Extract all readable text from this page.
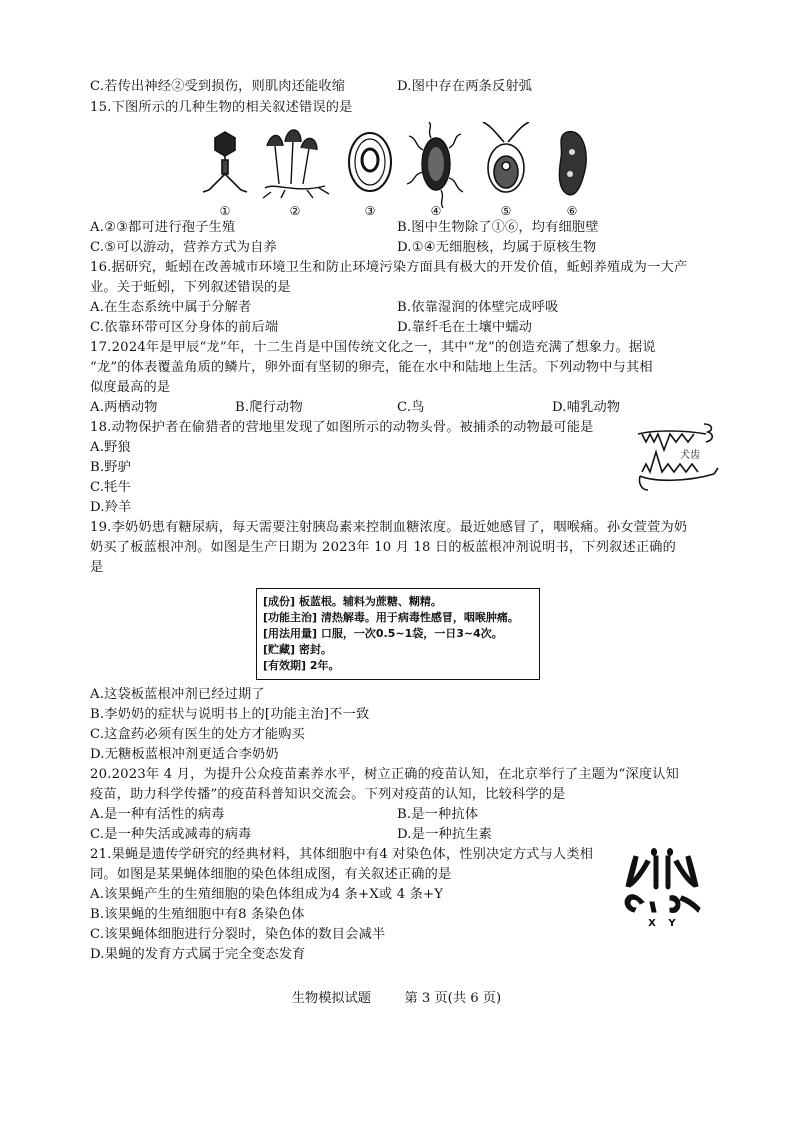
C.若传出神经②受到损伤，则肌肉还能收缩	D.图中存在两条反射弧
15.下图所示的几种生物的相关叙述错误的是
①	②	③	④	⑤	⑥
A.②③都可进行孢子生殖	B.图中生物除了①⑥，均有细胞壁
C.⑤可以游动，营养方式为自养	D.①④无细胞核，均属于原核生物
16.据研究，蚯蚓在改善城市环境卫生和防止环境污染方面具有极大的开发价值，蚯蚓养殖成为一大产
业。关于蚯蚓，下列叙述错误的是
A.在生态系统中属于分解者	B.依靠湿润的体壁完成呼吸
C.依靠环带可区分身体的前后端	D.靠纤毛在土壤中蠕动
17.2024年是甲辰“龙”年，十二生肖是中国传统文化之一，其中“龙”的创造充满了想象力。据说
“龙”的体表覆盖角质的鳞片，卵外面有坚韧的卵壳，能在水中和陆地上生活。下列动物中与其相
似度最高的是
A.两栖动物	B.爬行动物	C.鸟	D.哺乳动物
18.动物保护者在偷猎者的营地里发现了如图所示的动物头骨。被捕杀的动物最可能是
A.野狼
B.野驴
C.牦牛
D.羚羊
犬齿
19.李奶奶患有糖尿病，每天需要注射胰岛素来控制血糖浓度。最近她感冒了，咽喉痛。孙女萱萱为奶
奶买了板蓝根冲剂。如图是生产日期为 2023年 10 月 18 日的板蓝根冲剂说明书，下列叙述正确的
是
[成份] 板蓝根。辅料为蔗糖、糊精。
[功能主治] 清热解毒。用于病毒性感冒，咽喉肿痛。
[用法用量] 口服，一次0.5~1袋，一日3~4次。
[贮藏] 密封。
[有效期] 2年。
A.这袋板蓝根冲剂已经过期了
B.李奶奶的症状与说明书上的[功能主治]不一致
C.这盒药必须有医生的处方才能购买
D.无糖板蓝根冲剂更适合李奶奶
20.2023年 4 月，为提升公众疫苗素养水平，树立正确的疫苗认知，在北京举行了主题为“深度认知
疫苗，助力科学传播”的疫苗科普知识交流会。下列对疫苗的认知，比较科学的是
A.是一种有活性的病毒	B.是一种抗体
C.是一种失活或减毒的病毒	D.是一种抗生素
21.果蝇是遗传学研究的经典材料，其体细胞中有4 对染色体，性别决定方式与人类相
同。如图是某果蝇体细胞的染色体组成图，有关叙述正确的是
A.该果蝇产生的生殖细胞的染色体组成为4 条+X或 4 条+Y
B.该果蝇的生殖细胞中有8 条染色体
C.该果蝇体细胞进行分裂时，染色体的数目会减半
D.果蝇的发育方式属于完全变态发育
X Y
生物模拟试题        第 3 页(共 6 页)
